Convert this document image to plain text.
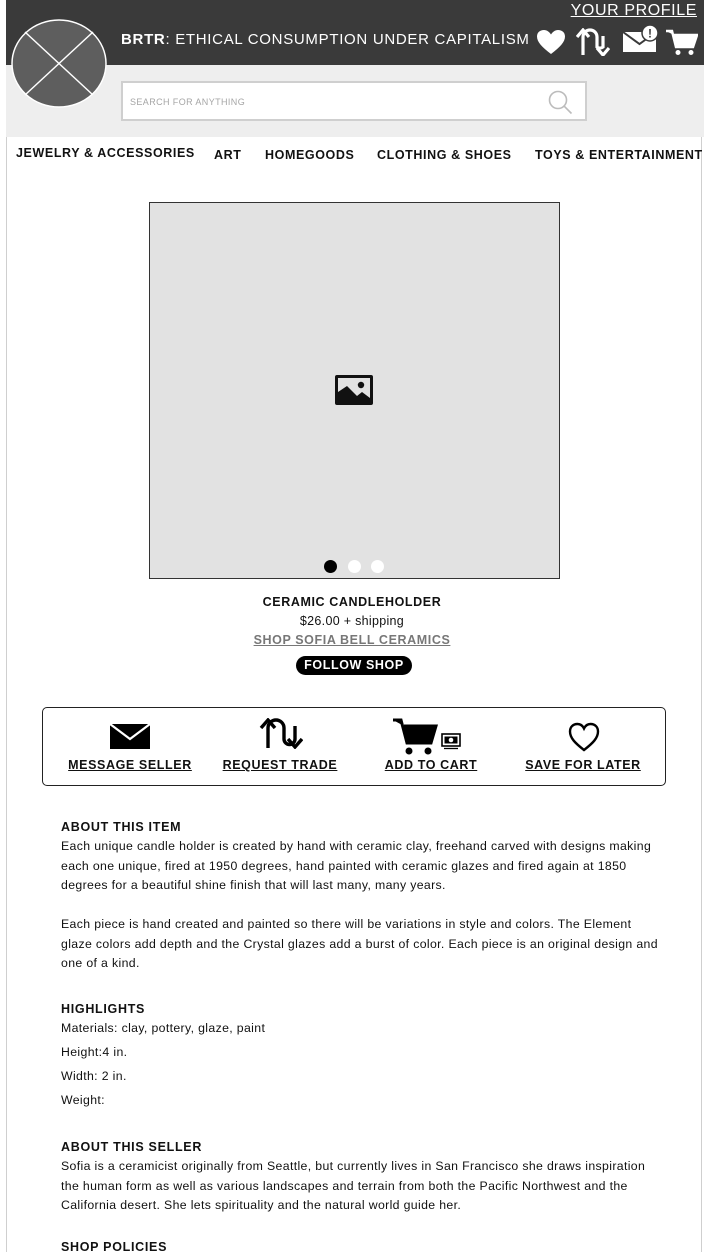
YOUR PROFILE
BRTR: ETHICAL CONSUMPTION UNDER CAPITALISM	!
SEARCH FOR ANYTHING
JEWELRY & ACCESSORIES ART HOMEGOODS CLOTHING & SHOES TOYS & ENTERTAINMENT
CERAMIC CANDLEHOLDER
$26.00 + shipping
SHOP SOFIA BELL CERAMICS
FOLLOW SHOP
MESSAGE SELLER	REQUEST TRADE	ADD TO CART	SAVE FOR LATER
ABOUT THIS ITEM
Each unique candle holder is created by hand with ceramic clay, freehand carved with designs making each one unique, fired at 1950 degrees, hand painted with ceramic glazes and fired again at 1850 degrees for a beautiful shine finish that will last many, many years.
Each piece is hand created and painted so there will be variations in style and colors. The Element glaze colors add depth and the Crystal glazes add a burst of color. Each piece is an original design and one of a kind.
HIGHLIGHTS
Materials: clay, pottery, glaze, paint
Height:4 in.
Width: 2 in.
Weight:
ABOUT THIS SELLER
Sofia is a ceramicist originally from Seattle, but currently lives in San Francisco she draws inspiration the human form as well as various landscapes and terrain from both the Pacific Northwest and the California desert. She lets spirituality and the natural world guide her.
SHOP POLICIES
